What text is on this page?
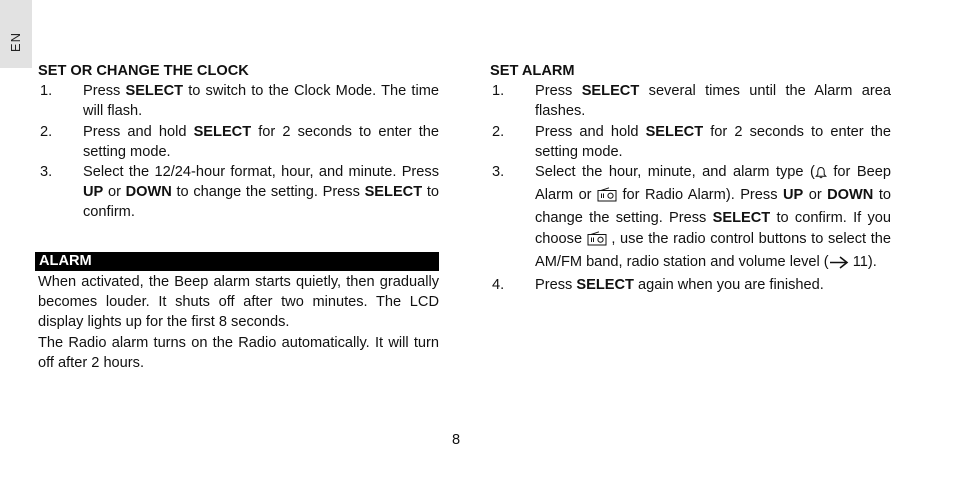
EN

SET OR CHANGE THE CLOCK

1. Press SELECT to switch to the Clock Mode. The time will flash.
2. Press and hold SELECT for 2 seconds to enter the setting mode.
3. Select the 12/24-hour format, hour, and minute. Press UP or DOWN to change the setting. Press SELECT to confirm.
ALARM

When activated, the Beep alarm starts quietly, then gradually becomes louder. It shuts off after two minutes. The LCD display lights up for the first 8 seconds.

The Radio alarm turns on the Radio automatically. It will turn off after 2 hours.

SET ALARM

1. Press SELECT several times until the Alarm area flashes.
2. Press and hold SELECT for 2 seconds to enter the setting mode.
3. Select the hour, minute, and alarm type ( for Beep Alarm or  for Radio Alarm). Press UP or DOWN to change the setting. Press SELECT to confirm. If you choose  , use the radio control buttons to select the AM/FM band, radio station and volume level ( 11).
4. Press SELECT again when you are finished.
8
